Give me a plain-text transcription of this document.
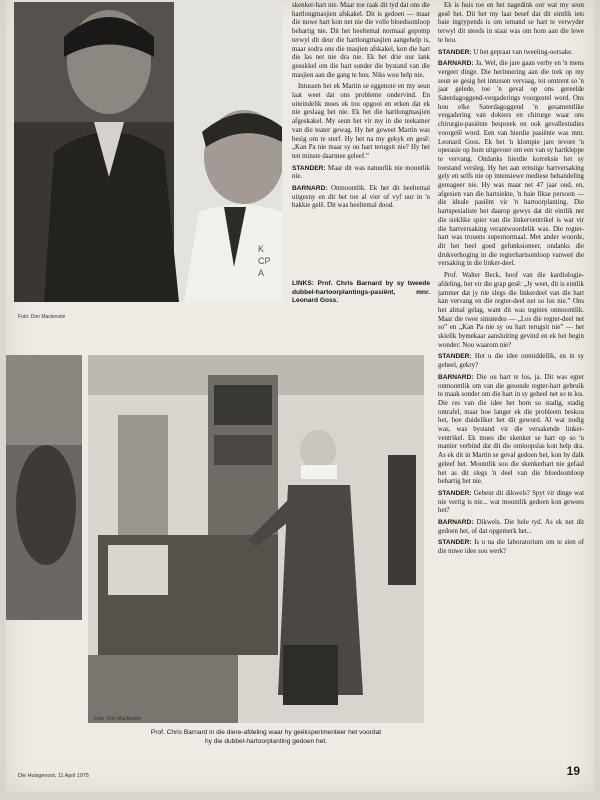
K
CP
A
Foto: Don Mackenzie
Foto: Don Mackenzie
LINKS: Prof. Chris Barnard by sy tweede dubbel-hartoorplantings-pasiënt, mnr. Leonard Goss.
Prof. Chris Barnard in die diere-afdeling waar hy geëksperimenteer het voordat
hy die dubbel-hartoorplanting gedoen het.

skenker-hart nie. Maar toe raak dit tyd dat ons die hartlongmasjien afskakel. Dit is gedoen — maar die nuwe hart kon net nie die volle bloedsomloop behartig nie. Dit het heeltemal normaal gepomp terwyl dit deur die hartlongmasjien aangehelp is, maar sodra ons die masjien afskakel, kon die hart die las net nie dra nie. Ek het drie uur lank gesukkel om die hart sonder die bystand van die masjien aan die gang te hou. Niks wou help nie.

Intussen het ek Martin se eggenote en my seun laat weet dat ons probleme ondervind. En uiteindelik moes ek tou opgooi en erken dat ek nie geslaag het nie. Ek het die hartlongmasjien afgeskakel. My seun het vir my in die teekamer van die teater gewag. Hy het geweet Martin was besig om te sterf. Hy het na my gekyk en gesê: „Kan Pa nie maar sy ou hart terugsit nie? Hy het ten minste daarmee geleef.”

STANDER: Maar dit was natuurlik nie moontlik nie.

BARNARD: Onmoontlik. Ek het dit heeltemal uitgesny en dit het toe al vier of vyf uur in 'n bakkie gelê. Dit was heeltemal dood.

Ek is huis toe en het nagedink oor wat my seun gesê het. Dit het my laat besef dat dit eintlik iets baie ingrypends is om iemand se hart te verwyder terwyl dit steeds in staat was om hom aan die lewe te hou.

STANDER: U het gepraat van tweeling-oorsake.

BARNARD: Ja. Wel, die jare gaan verby en 'n mens vergeet dinge. Die herinnering aan die trek op my seun se gesig het intussen vervaag, tot omtrent so 'n jaar gelede, toe 'n geval op ons gereelde Saterdagoggend-vergaderings voorgestel word. Ons hou elke Saterdagoggend 'n gesamentlike vergadering van dokters en chirurge waar ons chirurgie-pasiënte bespreek en ook gevallestudies voorgelê word. Een van hierdie pasiënte was mnr. Leonard Goss. Ek het 'n klompie jare tevore 'n operasie op hom uitgevoer om een van sy hartkleppe te vervang. Ondanks hierdie korreksie het sy toestand versleg. Hy het aan ernstige hartversaking gely en selfs nie op intensiewe mediese behandeling gereageer nie. Hy was maar net 47 jaar oud, en, afgesien van die hartsiekte, 'n baie fikse persoon — die ideale pasiënt vir 'n hartoorplanting. Die hartspesialiste het daarop gewys dat dit eintlik net die sieklike spier van die linkerventrikel is wat vir die hartversaking verantwoordelik was. Die regter-hart was trouens supernormaal. Met ander woorde, dit het heel goed gefunksioneer, ondanks die drukverhoging in die regterhartsomloop vanweë die versaking in die linker-deel.

Prof. Walter Beck, hoof van die kardiologie-afdeling, het vir die grap gesê: „Jy weet, dit is eintlik jammer dat jy nie slegs die linkerdeel van die hart kan vervang en die regter-deel net so los nie.” Ons het almal gelag, want dit was tegnies onmoontlik. Maar die twee sinsnedes — „Los die regter-deel net so” en „Kan Pa nie sy ou hart terugsit nie” — het skielik bymekaar aansluiting gevind en ek het begin wonder: Nou waarom nie?

STANDER: Het u die idee onmiddellik, en in sy geheel, gekry?

BARNARD: Die ou hart te los, ja. Dit was egter onmoontlik om van die gesonde regter-hart gebruik te maak sonder om die hart in sy geheel net so te los. Die res van die idee het hom so stadig, stadig ontrafel, maar hoe langer ek die probleem beskou het, hoe duideliker het dit geword. Al wat nodig was, was bystand vir die versakende linker-ventrikel. Ek moes die skenker se hart op so 'n manier verbind dat dit die omloopslas kon help dra. As ek dit in Martin se geval gedoen het, kon hy dalk geleef het. Moontlik sou die skenkerhart nie gefaal het as dit slegs 'n deel van die bloedsomloop behartig het nie.

STANDER: Gebeur dit dikwels? Spyt vir dinge wat nie verrig is nie... wat moontlik gedoen kon gewees het?

BARNARD: Dikwels. Die hele tyd. As ek net dit gedoen het, of dat opgemerk het...

STANDER: Is u na die laboratorium om te sien of die nuwe idee sou werk?

Die Huisgenoot, 11 April 1975	19
